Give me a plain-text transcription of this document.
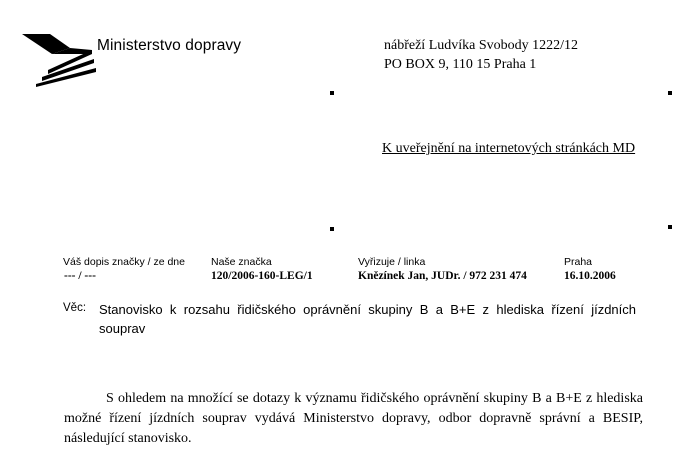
Ministerstvo dopravy	nábřeží Ludvíka Svobody 1222/12
PO BOX 9, 110 15 Praha 1
K uveřejnění na internetových stránkách MD
Váš dopis značky / ze dne
--- / ---
Naše značka
120/2006-160-LEG/1
Vyřizuje / linka
Knězínek Jan, JUDr. / 972 231 474
Praha
16.10.2006
Věc: Stanovisko k rozsahu řidičského oprávnění skupiny B a B+E z hlediska řízení jízdních souprav
S ohledem na množící se dotazy k významu řidičského oprávnění skupiny B a B+E z hlediska možné řízení jízdních souprav vydává Ministerstvo dopravy, odbor dopravně správní a BESIP, následující stanovisko.
